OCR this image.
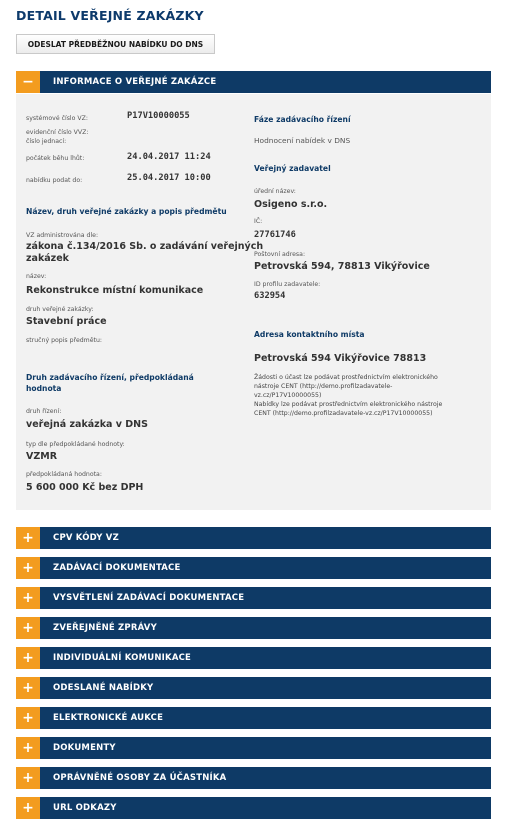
DETAIL VEŘEJNÉ ZAKÁZKY
ODESLAT PŘEDBĚŽNOU NABÍDKU DO DNS
−	INFORMACE O VEŘEJNÉ ZAKÁZCE
systémové číslo VZ:	P17V10000055
evidenční číslo VVZ:
číslo jednací:
počátek běhu lhůt:	24.04.2017 11:24
nabídku podat do:	25.04.2017 10:00
Název, druh veřejné zakázky a popis předmětu
VZ administrována dle:
zákona č.134/2016 Sb. o zadávání veřejných
zakázek
název:
Rekonstrukce místní komunikace
druh veřejné zakázky:
Stavební práce
stručný popis předmětu:
Druh zadávacího řízení, předpokládaná
hodnota
druh řízení:
veřejná zakázka v DNS
typ dle předpokládané hodnoty:
VZMR
předpokládaná hodnota:
5 600 000 Kč bez DPH
Fáze zadávacího řízení
Hodnocení nabídek v DNS
Veřejný zadavatel
úřední název:
Osigeno s.r.o.
IČ:
27761746
Poštovní adresa:
Petrovská 594, 78813 Vikýřovice
ID profilu zadavatele:
632954
Adresa kontaktního místa
Petrovská 594 Vikýřovice 78813
Žádosti o účast lze podávat prostřednictvím elektronického
nástroje CENT (http://demo.profilzadavatele-
vz.cz/P17V10000055)
Nabídky lze podávat prostřednictvím elektronického nástroje
CENT (http://demo.profilzadavatele-vz.cz/P17V10000055)
+	CPV KÓDY VZ
+	ZADÁVACÍ DOKUMENTACE
+	VYSVĚTLENÍ ZADÁVACÍ DOKUMENTACE
+	ZVEŘEJNĚNÉ ZPRÁVY
+	INDIVIDUÁLNÍ KOMUNIKACE
+	ODESLANÉ NABÍDKY
+	ELEKTRONICKÉ AUKCE
+	DOKUMENTY
+	OPRÁVNĚNÉ OSOBY ZA ÚČASTNÍKA
+	URL ODKAZY
